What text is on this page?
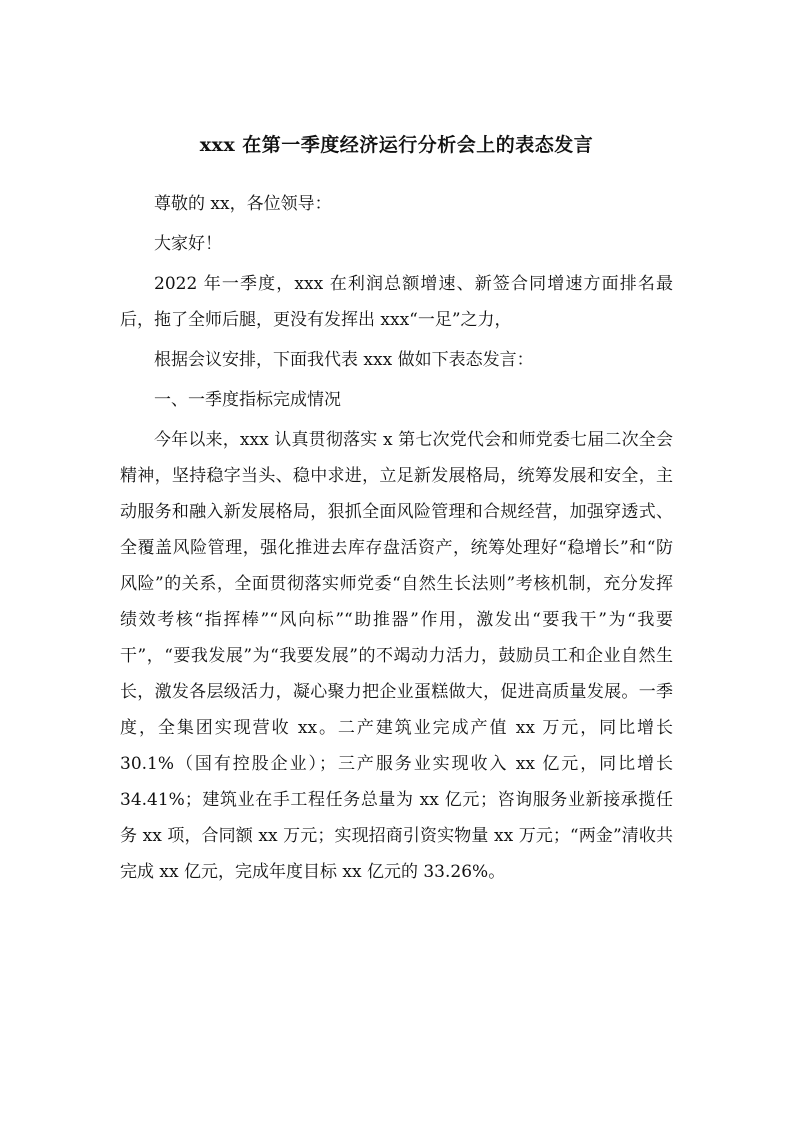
xxx 在第一季度经济运行分析会上的表态发言

尊敬的 xx，各位领导：

大家好！

2022 年一季度，xxx 在利润总额增速、新签合同增速方面排名最后，拖了全师后腿，更没有发挥出 xxx“一足”之力，

根据会议安排，下面我代表 xxx 做如下表态发言：

一、一季度指标完成情况

今年以来，xxx 认真贯彻落实 x 第七次党代会和师党委七届二次全会精神，坚持稳字当头、稳中求进，立足新发展格局，统筹发展和安全，主动服务和融入新发展格局，狠抓全面风险管理和合规经营，加强穿透式、全覆盖风险管理，强化推进去库存盘活资产，统筹处理好“稳增长”和“防风险”的关系，全面贯彻落实师党委“自然生长法则”考核机制，充分发挥绩效考核“指挥棒”“风向标”“助推器”作用，激发出“要我干”为“我要干”，“要我发展”为“我要发展”的不竭动力活力，鼓励员工和企业自然生长，激发各层级活力，凝心聚力把企业蛋糕做大，促进高质量发展。一季度，全集团实现营收 xx。二产建筑业完成产值 xx 万元，同比增长 30.1%（国有控股企业）；三产服务业实现收入 xx 亿元，同比增长 34.41%；建筑业在手工程任务总量为 xx 亿元；咨询服务业新接承揽任务 xx 项，合同额 xx 万元；实现招商引资实物量 xx 万元；“两金”清收共完成 xx 亿元，完成年度目标 xx 亿元的 33.26%。
